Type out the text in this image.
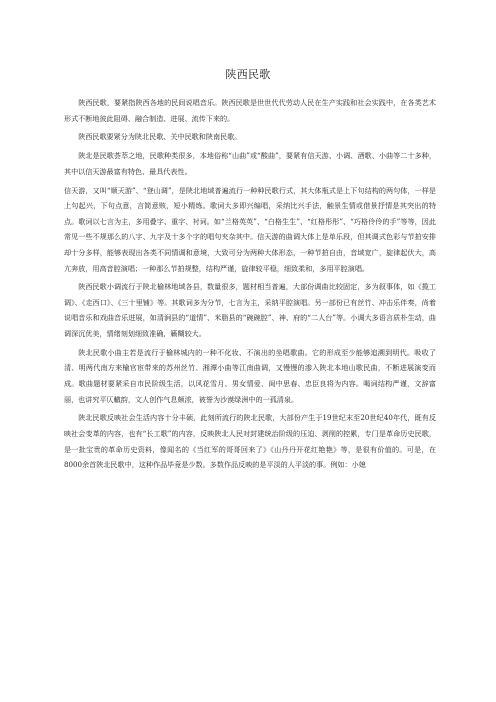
陕西民歌

陕西民歌，要紧指陕西各地的民间说唱音乐。陕西民歌是世世代代劳动人民在生产实践和社会实践中，在各类艺术形式不断地彼此阻碍、融合制造、进展、流传下来的。

陕西民歌要紧分为陕北民歌、关中民歌和陕南民歌。

陕北是民歌荟萃之地，民歌种类很多，本地俗称“山曲”或“酸曲”，要紧有信天游、小调、酒歌、小曲等二十多种，其中以信天游最富有特色、最具代表性。

信天游，又叫“顺天游”、“登山调”，是陕北地域普遍流行一种种民歌行式，其大体瓶式是上下句结构的两句体，一样是上句起兴，下句点意，言简意赅，短小精炼。歌词大多即兴编唱，采纳比兴手法，触景生情或借景抒情是其突出的特点。歌词以七言为主，多用叠字、重字、衬词。如“兰格英英”、“白格生生”、“红格彤彤”、“巧格伶伶的手”等等，因此常见一些不规那么的八字、九字及十多个字的唱句夹杂其中。信天游的曲调大体上是单乐段，但其调式色彩与节拍安排却十分多样，能够表现出各类不同情调和意境，大致可分为两种大体形态，一种节拍自由，音域宽广，旋律起伏大，高亢奔放，用高音腔演唱；一种那么节拍规整，结构严谨，旋律较平稳，细致柔和，多用平腔演唱。

陕西民歌小调流行于陕北榆林地域各县，数量很多，题材相当普遍，大部份调曲比较固定，多为叙事体，如《揽工调》、《走西口》、《三十里铺》等。其歌词多为分节，七言为主，采纳平腔演唱。另一部份已有丝竹、冲击乐伴奏，尚着说唱音乐和戏曲音乐进展，如清涧县的“道情”、米脂县的“碗碗腔”、神、府的“二人台”等。小调大多语言质朴生动，曲调深沉优美，情绪刻划细致准确，籁糊较大。

陕北民歌小曲主若是流行于榆林城内的一种不化妆、不演出的坐唱歌曲。它的形成至少能够追溯到明代。吸收了清、明两代南方来榆官宦带来的苏州丝竹、湘潭小曲等江南曲调，又慢慢的渗入陕北本地山歌民曲，不断进展演变而成。歌曲题材要紧采自市民阶级生活，以风花雪月、男女情爱、闺中思春、忠臣良将为内容。喝词结构严谨，文辞富丽，也讲究平仄轍韵，文人创作气息颇浓，被誉为沙漠绿洲中的一孤清泉。

陕北民歌反映社会生活内容十分丰硕，此刻所流行的陕北民歌，大部份产生于19世纪末至20世纪40年代，既有反映社会变革的内容，也有“长工歌”的内容，反映陕北人民对封建统治阶级的压迫、剥削的控累，专门是革命历史民歌，是一批宝贵的革命历史资料，像闻名的《当红军的哥哥回来了》《山丹丹开花红艳艳》等，是很有价值的。可是，在8000余首陕北民歌中，这种作品毕竟是少数。多数作品反映的是平淡的人平淡的事。例如：小媳
